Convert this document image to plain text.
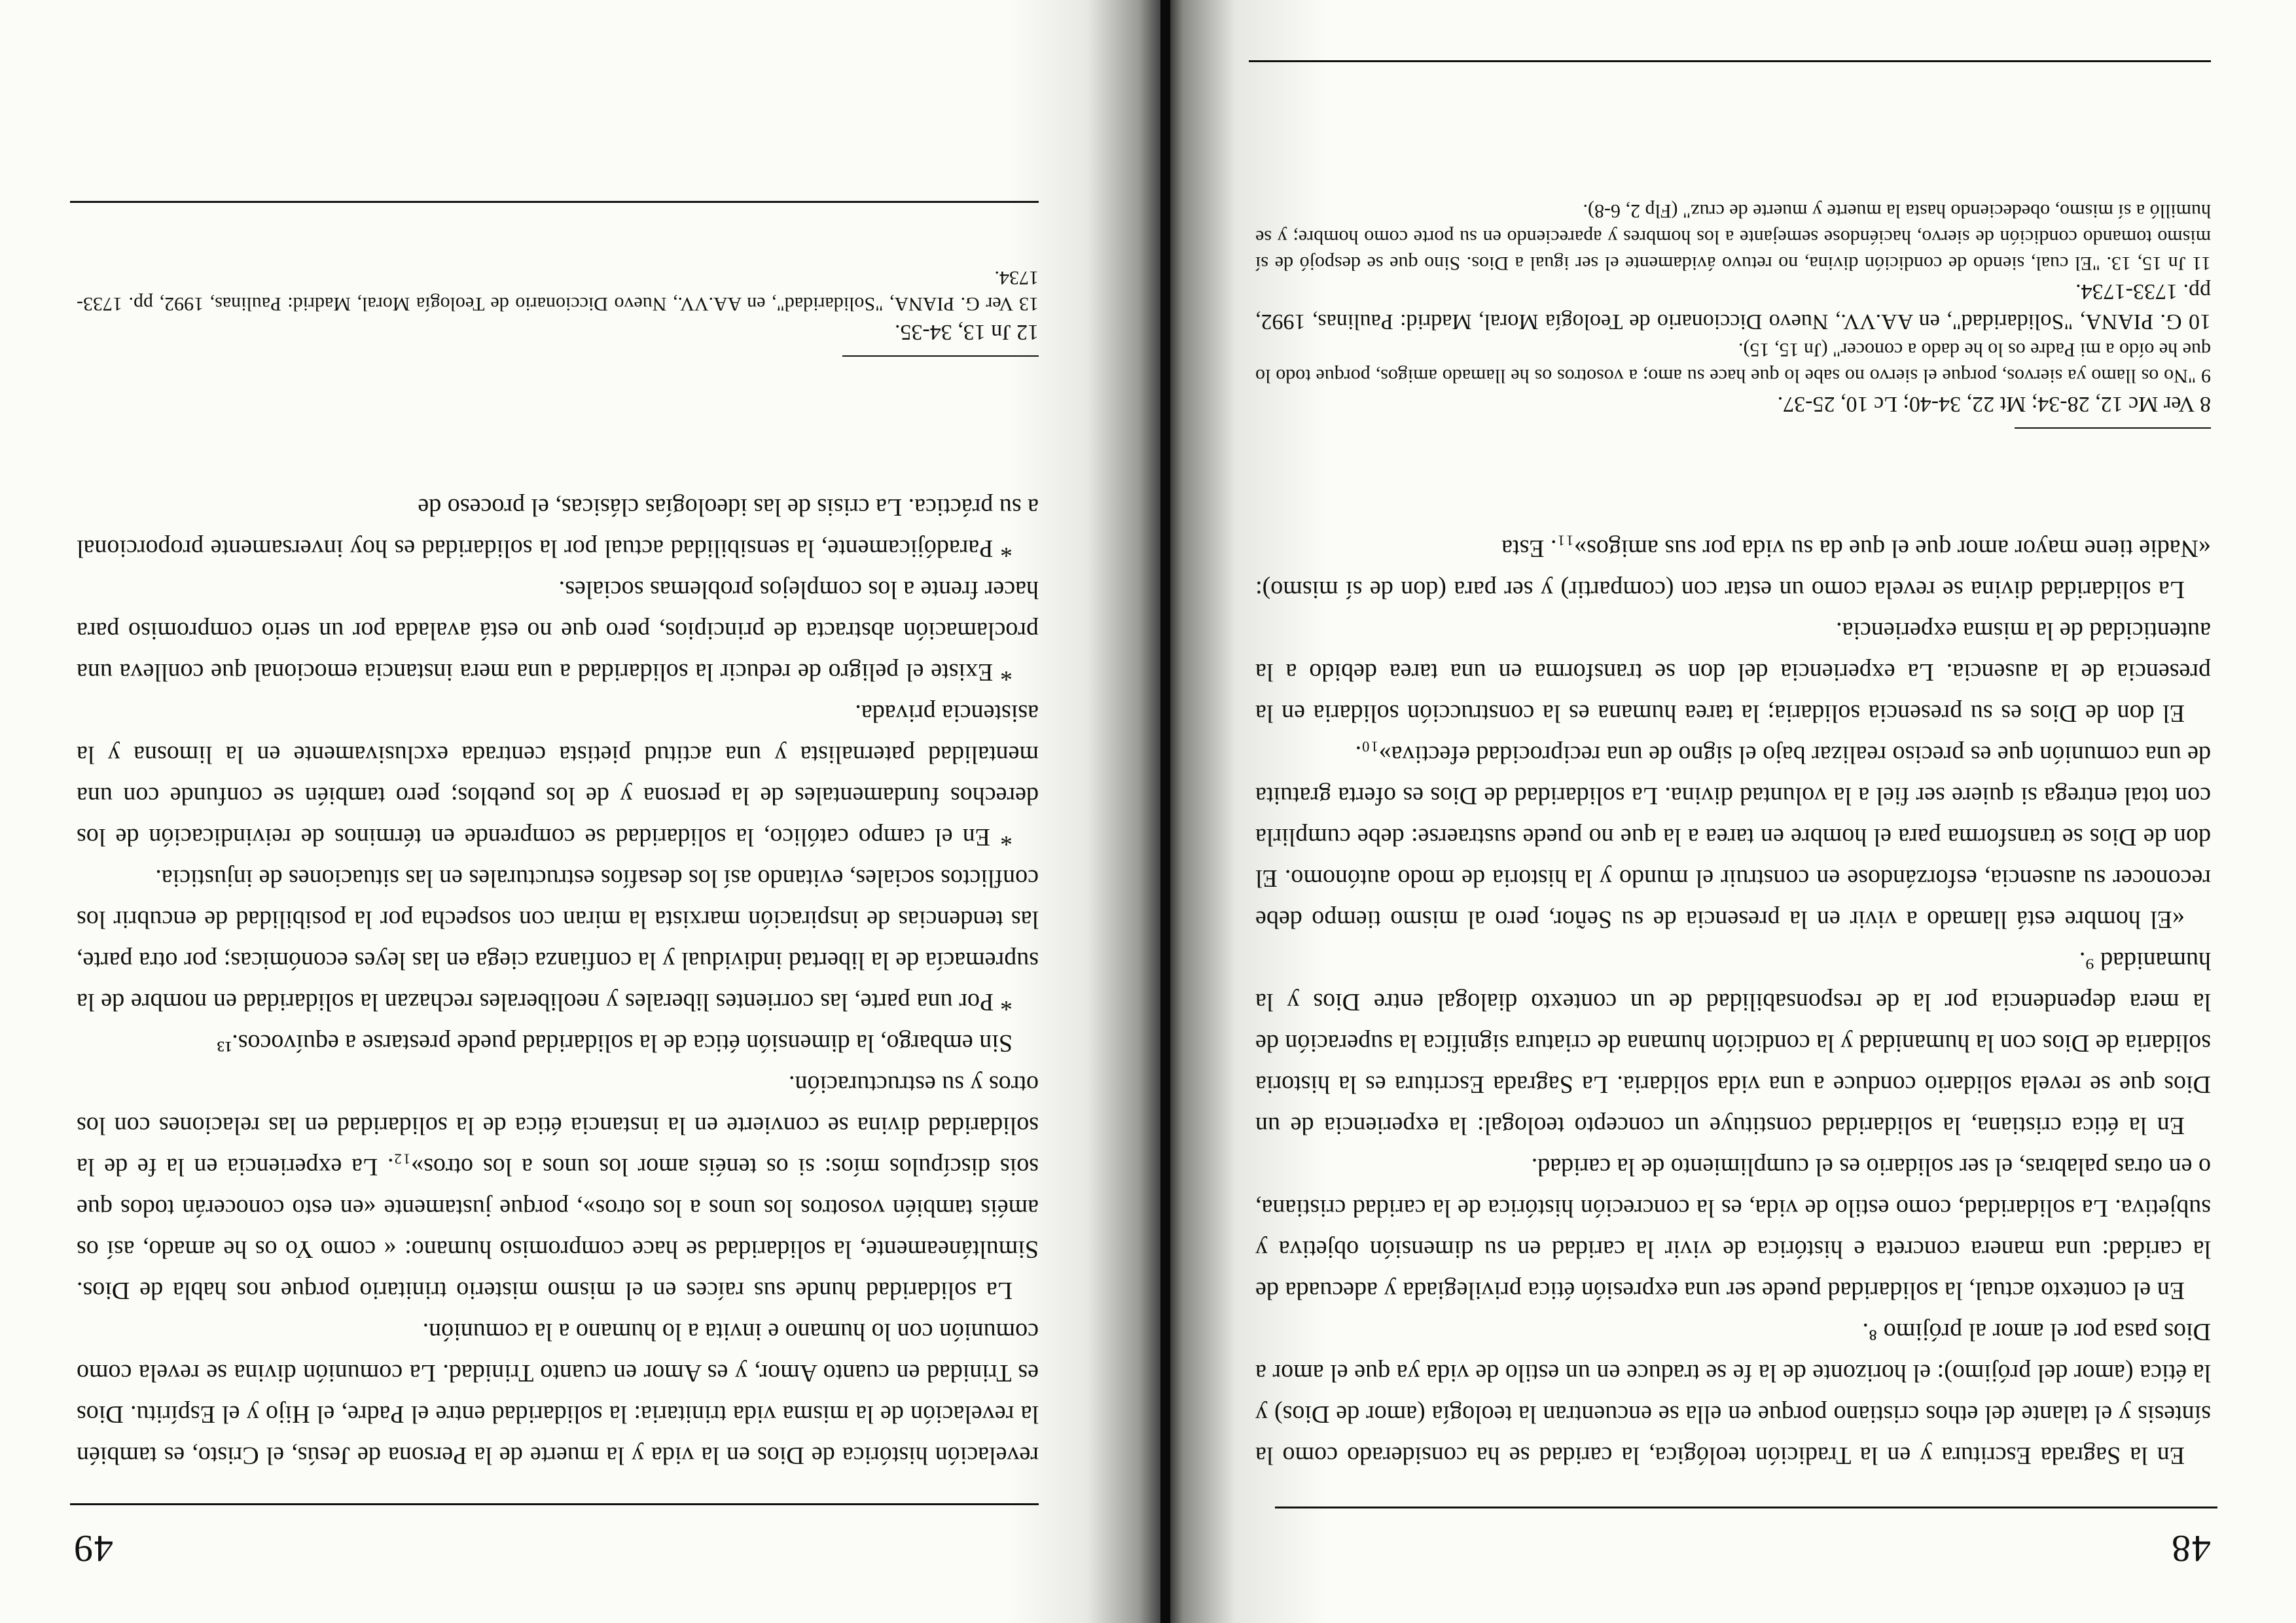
48

En la Sagrada Escritura y en la Tradición teológica, la caridad se ha considerado como la síntesis y el talante del ethos cristiano porque en ella se encuentran la teología (amor de Dios) y la ética (amor del prójimo): el horizonte de la fe se traduce en un estilo de vida ya que el amor a Dios pasa por el amor al prójimo ⁸.

En el contexto actual, la solidaridad puede ser una expresión ética privilegiada y adecuada de la caridad: una manera concreta e histórica de vivir la caridad en su dimensión objetiva y subjetiva. La solidaridad, como estilo de vida, es la concreción histórica de la caridad cristiana, o en otras palabras, el ser solidario es el cumplimiento de la caridad.

En la ética cristiana, la solidaridad constituye un concepto teologal: la experiencia de un Dios que se revela solidario conduce a una vida solidaria. La Sagrada Escritura es la historia solidaria de Dios con la humanidad y la condición humana de criatura significa la superación de la mera dependencia por la de responsabilidad de un contexto dialogal entre Dios y la humanidad ⁹.

«El hombre está llamado a vivir en la presencia de su Señor, pero al mismo tiempo debe reconocer su ausencia, esforzándose en construir el mundo y la historia de modo autónomo. El don de Dios se transforma para el hombre en tarea a la que no puede sustraerse: debe cumplirla con total entrega si quiere ser fiel a la voluntad divina. La solidaridad de Dios es oferta gratuita de una comunión que es preciso realizar bajo el signo de una reciprocidad efectiva»₁₀.

El don de Dios es su presencia solidaria; la tarea humana es la construcción solidaria en la presencia de la ausencia. La experiencia del don se transforma en una tarea debido a la autenticidad de la misma experiencia.

La solidaridad divina se revela como un estar con (compartir) y ser para (don de sí mismo): «Nadie tiene mayor amor que el que da su vida por sus amigos»₁₁. Esta

8 Ver Mc 12, 28-34; Mt 22, 34-40; Lc 10, 25-37.

9 "No os llamo ya siervos, porque el siervo no sabe lo que hace su amo; a vosotros os he llamado amigos, porque todo lo que he oído a mi Padre os lo he dado a conocer" (Jn 15, 15).

10 G. PIANA, "Solidaridad", en AA.VV., Nuevo Diccionario de Teología Moral, Madrid: Paulinas, 1992, pp. 1733-1734.

11 Jn 15, 13. "El cual, siendo de condición divina, no retuvo ávidamente el ser igual a Dios. Sino que se despojó de sí mismo tomando condición de siervo, haciéndose semejante a los hombres y apareciendo en su porte como hombre; y se humilló a sí mismo, obedeciendo hasta la muerte y muerte de cruz" (Flp 2, 6-8).

49

revelación histórica de Dios en la vida y la muerte de la Persona de Jesús, el Cristo, es también la revelación de la misma vida trinitaria: la solidaridad entre el Padre, el Hijo y el Espíritu. Dios es Trinidad en cuanto Amor, y es Amor en cuanto Trinidad. La comunión divina se revela como comunión con lo humano e invita a lo humano a la comunión.

La solidaridad hunde sus raíces en el mismo misterio trinitario porque nos habla de Dios. Simultáneamente, la solidaridad se hace compromiso humano: « como Yo os he amado, así os améis también vosotros los unos a los otros», porque justamente «en esto conocerán todos que sois discípulos míos: si os tenéis amor los unos a los otros»₁₂. La experiencia en la fe de la solidaridad divina se convierte en la instancia ética de la solidaridad en las relaciones con los otros y su estructuración.

Sin embargo, la dimensión ética de la solidaridad puede prestarse a equívocos.¹³

* Por una parte, las corrientes liberales y neoliberales rechazan la solidaridad en nombre de la supremacía de la libertad individual y la confianza ciega en las leyes económicas; por otra parte, las tendencias de inspiración marxista la miran con sospecha por la posibilidad de encubrir los conflictos sociales, evitando así los desafíos estructurales en las situaciones de injusticia.

* En el campo católico, la solidaridad se comprende en términos de reivindicación de los derechos fundamentales de la persona y de los pueblos; pero también se confunde con una mentalidad paternalista y una actitud pietista centrada exclusivamente en la limosna y la asistencia privada.

* Existe el peligro de reducir la solidaridad a una mera instancia emocional que conlleva una proclamación abstracta de principios, pero que no está avalada por un serio compromiso para hacer frente a los complejos problemas sociales.

* Paradójicamente, la sensibilidad actual por la solidaridad es hoy inversamente proporcional a su práctica. La crisis de las ideologías clásicas, el proceso de

12 Jn 13, 34-35.

13 Ver G. PIANA, "Solidaridad", en AA.VV., Nuevo Diccionario de Teología Moral, Madrid: Paulinas, 1992, pp. 1733-1734.
